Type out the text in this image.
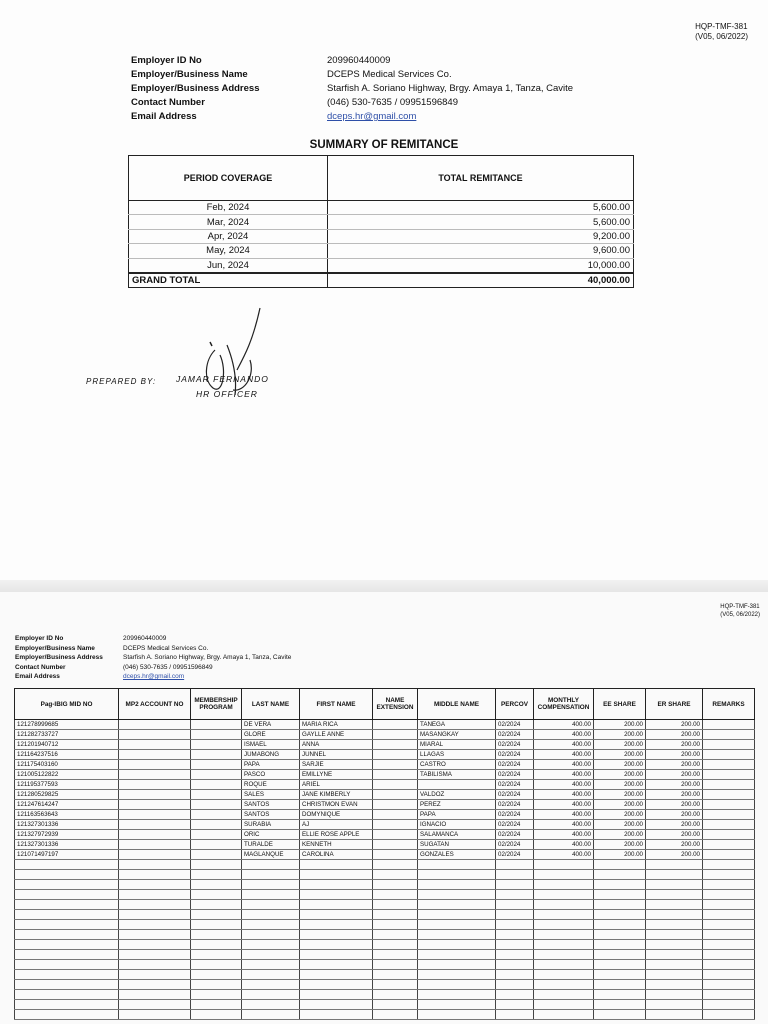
HQP-TMF-381
(V05, 06/2022)
Employer ID No	209960440009
Employer/Business Name	DCEPS Medical Services Co.
Employer/Business Address	Starfish A. Soriano Highway, Brgy. Amaya 1, Tanza, Cavite
Contact Number	(046) 530-7635 / 09951596849
Email Address	dceps.hr@gmail.com
SUMMARY OF REMITANCE
PERIOD COVERAGE	TOTAL REMITANCE
Feb, 2024	5,600.00
Mar, 2024	5,600.00
Apr, 2024	9,200.00
May, 2024	9,600.00
Jun, 2024	10,000.00
GRAND TOTAL	40,000.00
PREPARED BY: JAMAR FERNANDO
HR OFFICER
HQP-TMF-381
(V05, 06/2022)
Employer ID No	209960440009
Employer/Business Name	DCEPS Medical Services Co.
Employer/Business Address	Starfish A. Soriano Highway, Brgy. Amaya 1, Tanza, Cavite
Contact Number	(046) 530-7635 / 09951596849
Email Address	dceps.hr@gmail.com
Pag-IBIG MID NO	MP2 ACCOUNT NO	MEMBERSHIP PROGRAM	LAST NAME	FIRST NAME	NAME EXTENSION	MIDDLE NAME	PERCOV	MONTHLY COMPENSATION	EE SHARE	ER SHARE	REMARKS
121278999685			DE VERA	MARIA RICA		TANEGA	02/2024	400.00	200.00	200.00	
121282733727			GLORE	GAYLLE ANNE		MASANGKAY	02/2024	400.00	200.00	200.00	
121201940712			ISMAEL	ANNA		MIARAL	02/2024	400.00	200.00	200.00	
121164237516			JUMABONG	JUNNEL		LLAGAS	02/2024	400.00	200.00	200.00	
121175403160			PAPA	SARJIE		CASTRO	02/2024	400.00	200.00	200.00	
121005122822			PASCO	EMILLYNE		TABILISMA	02/2024	400.00	200.00	200.00	
121195377593			ROQUE	ARIEL			02/2024	400.00	200.00	200.00	
121280529825			SALES	JANE KIMBERLY		VALDOZ	02/2024	400.00	200.00	200.00	
121247614247			SANTOS	CHRISTMON EVAN		PEREZ	02/2024	400.00	200.00	200.00	
121163563643			SANTOS	DOMYNIQUE		PAPA	02/2024	400.00	200.00	200.00	
121327301336			SURABIA	AJ		IGNACIO	02/2024	400.00	200.00	200.00	
121327972939			ORIC	ELLIE ROSE APPLE		SALAMANCA	02/2024	400.00	200.00	200.00	
121327301336			TURALDE	KENNETH		SUGATAN	02/2024	400.00	200.00	200.00	
121071497197			MAGLANQUE	CAROLINA		GONZALES	02/2024	400.00	200.00	200.00	
